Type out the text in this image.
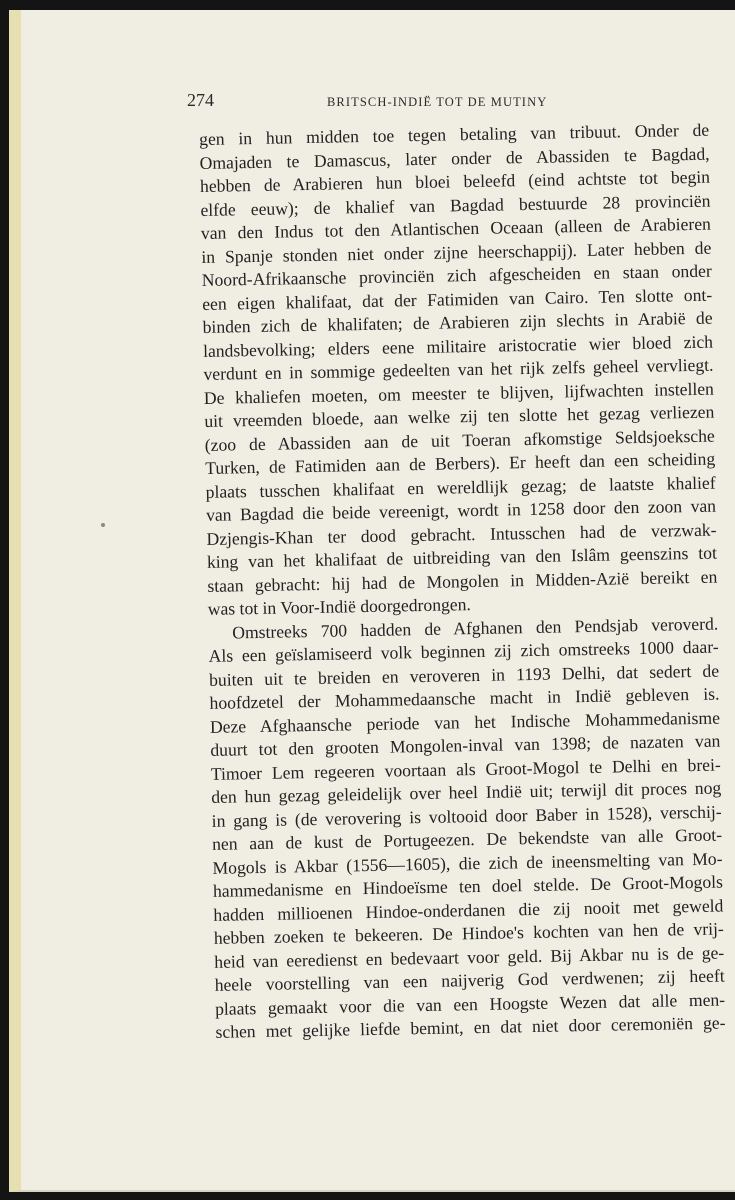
274	BRITSCH-INDIË TOT DE MUTINY
gen in hun midden toe tegen betaling van tribuut. Onder de
Omajaden te Damascus, later onder de Abassiden te Bagdad,
hebben de Arabieren hun bloei beleefd (eind achtste tot begin
elfde eeuw); de khalief van Bagdad bestuurde 28 provinciën
van den Indus tot den Atlantischen Oceaan (alleen de Arabieren
in Spanje stonden niet onder zijne heerschappij). Later hebben de
Noord-Afrikaansche provinciën zich afgescheiden en staan onder
een eigen khalifaat, dat der Fatimiden van Cairo. Ten slotte ont-
binden zich de khalifaten; de Arabieren zijn slechts in Arabië de
landsbevolking; elders eene militaire aristocratie wier bloed zich
verdunt en in sommige gedeelten van het rijk zelfs geheel vervliegt.
De khaliefen moeten, om meester te blijven, lijfwachten instellen
uit vreemden bloede, aan welke zij ten slotte het gezag verliezen
(zoo de Abassiden aan de uit Toeran afkomstige Seldsjoeksche
Turken, de Fatimiden aan de Berbers). Er heeft dan een scheiding
plaats tusschen khalifaat en wereldlijk gezag; de laatste khalief
van Bagdad die beide vereenigt, wordt in 1258 door den zoon van
Dzjengis-Khan ter dood gebracht. Intusschen had de verzwak-
king van het khalifaat de uitbreiding van den Islâm geenszins tot
staan gebracht: hij had de Mongolen in Midden-Azië bereikt en
was tot in Voor-Indië doorgedrongen.
Omstreeks 700 hadden de Afghanen den Pendsjab veroverd.
Als een geïslamiseerd volk beginnen zij zich omstreeks 1000 daar-
buiten uit te breiden en veroveren in 1193 Delhi, dat sedert de
hoofdzetel der Mohammedaansche macht in Indië gebleven is.
Deze Afghaansche periode van het Indische Mohammedanisme
duurt tot den grooten Mongolen-inval van 1398; de nazaten van
Timoer Lem regeeren voortaan als Groot-Mogol te Delhi en brei-
den hun gezag geleidelijk over heel Indië uit; terwijl dit proces nog
in gang is (de verovering is voltooid door Baber in 1528), verschij-
nen aan de kust de Portugeezen. De bekendste van alle Groot-
Mogols is Akbar (1556—1605), die zich de ineensmelting van Mo-
hammedanisme en Hindoeïsme ten doel stelde. De Groot-Mogols
hadden millioenen Hindoe-onderdanen die zij nooit met geweld
hebben zoeken te bekeeren. De Hindoe's kochten van hen de vrij-
heid van eeredienst en bedevaart voor geld. Bij Akbar nu is de ge-
heele voorstelling van een naijverig God verdwenen; zij heeft
plaats gemaakt voor die van een Hoogste Wezen dat alle men-
schen met gelijke liefde bemint, en dat niet door ceremoniën ge-
